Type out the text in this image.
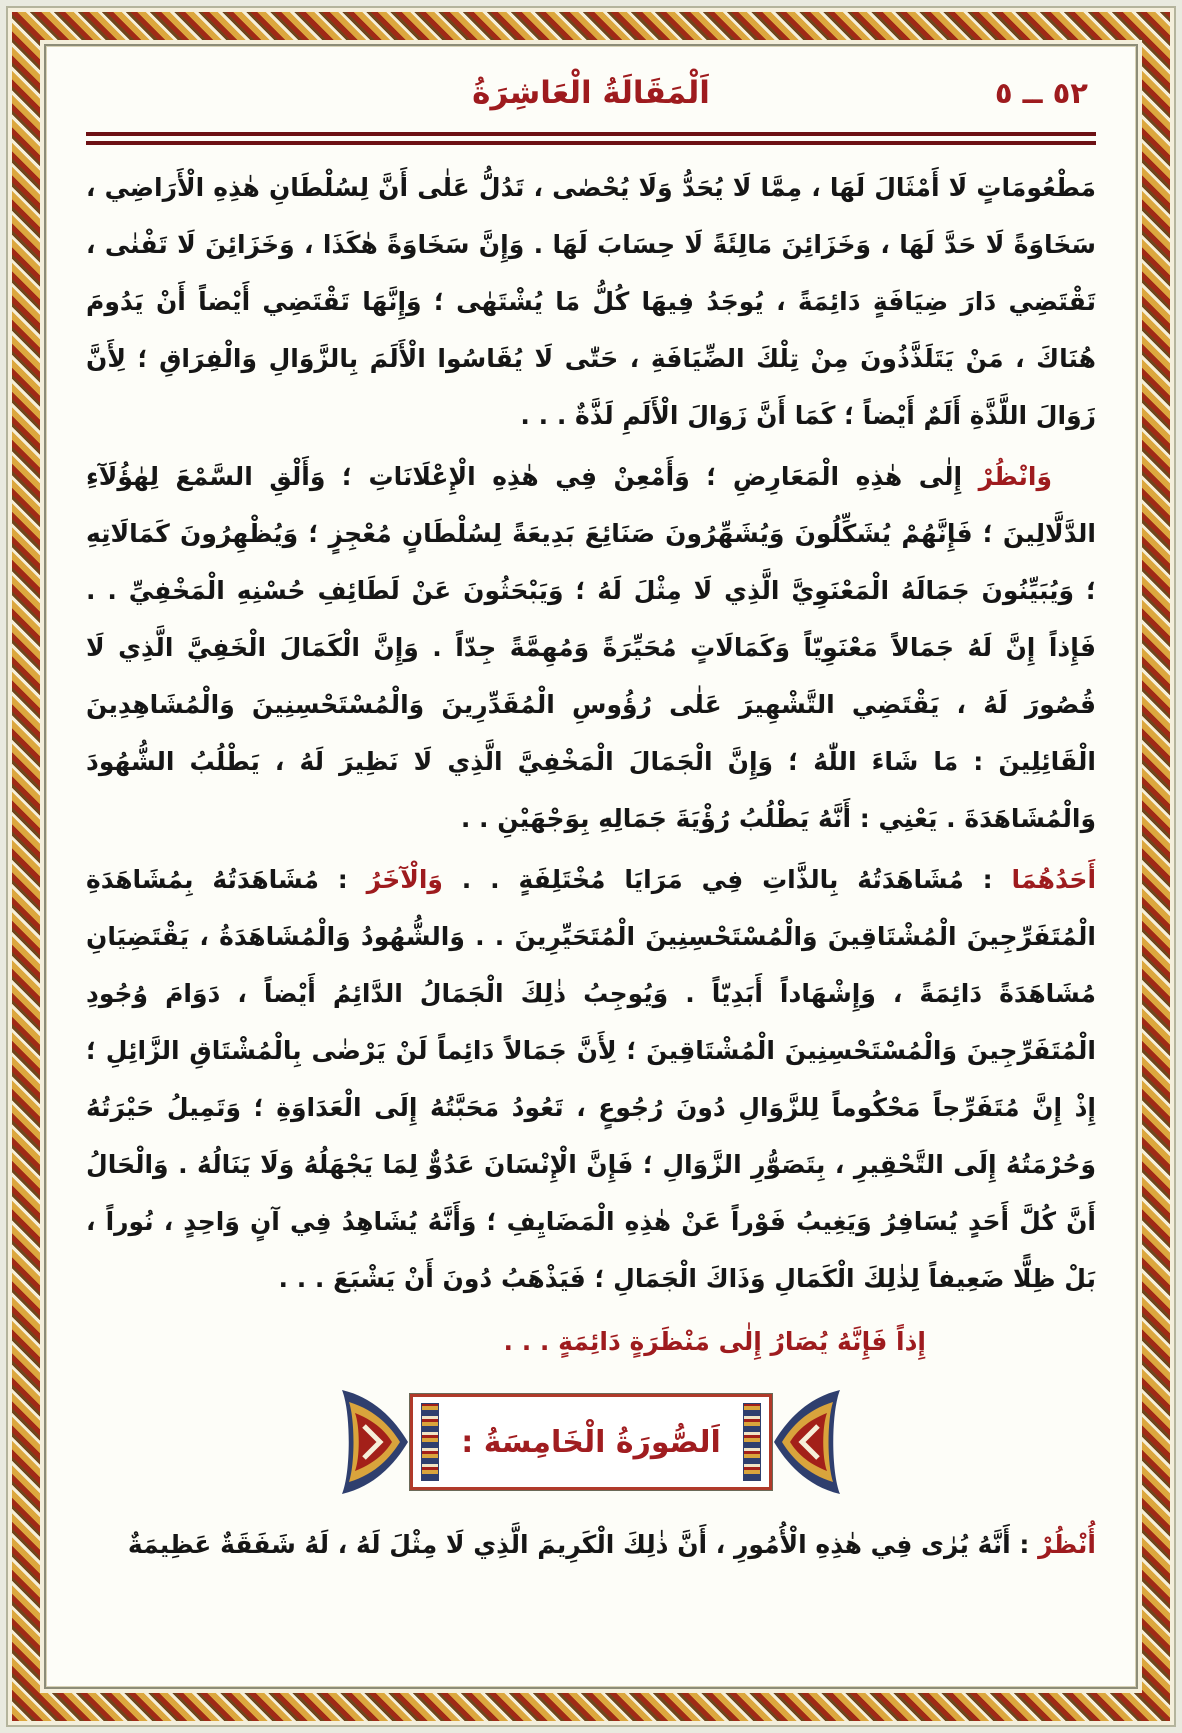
٥٢ ــ ٥
اَلْمَقَالَةُ الْعَاشِرَةُ

مَطْعُومَاتٍ لَا أَمْثَالَ لَهَا ، مِمَّا لَا يُحَدُّ وَلَا يُحْصٰى ، تَدُلُّ عَلٰى أَنَّ لِسُلْطَانِ هٰذِهِ الْأَرَاضِي ، سَخَاوَةً لَا حَدَّ لَهَا ، وَخَزَائِنَ مَالِئَةً لَا حِسَابَ لَهَا . وَإِنَّ سَخَاوَةً هٰكَذَا ، وَخَزَائِنَ لَا تَفْنٰى ، تَقْتَضِي دَارَ ضِيَافَةٍ دَائِمَةً ، يُوجَدُ فِيهَا كُلُّ مَا يُشْتَهٰى ؛ وَإِنَّهَا تَقْتَضِي أَيْضاً أَنْ يَدُومَ هُنَاكَ ، مَنْ يَتَلَذَّذُونَ مِنْ تِلْكَ الضِّيَافَةِ ، حَتّٰى لَا يُقَاسُوا الْأَلَمَ بِالزَّوَالِ وَالْفِرَاقِ ؛ لِأَنَّ زَوَالَ اللَّذَّةِ أَلَمٌ أَيْضاً ؛ كَمَا أَنَّ زَوَالَ الْأَلَمِ لَذَّةٌ . . .

وَانْظُرْ إِلٰى هٰذِهِ الْمَعَارِضِ ؛ وَأَمْعِنْ فِي هٰذِهِ الْإِعْلَانَاتِ ؛ وَأَلْقِ السَّمْعَ لِهٰؤُلَآءِ الدَّلَّالِينَ ؛ فَإِنَّهُمْ يُشَكِّلُونَ وَيُشَهِّرُونَ صَنَائِعَ بَدِيعَةً لِسُلْطَانٍ مُعْجِزٍ ؛ وَيُظْهِرُونَ كَمَالَاتِهِ ؛ وَيُبَيِّنُونَ جَمَالَهُ الْمَعْنَوِيَّ الَّذِي لَا مِثْلَ لَهُ ؛ وَيَبْحَثُونَ عَنْ لَطَائِفِ حُسْنِهِ الْمَخْفِيِّ . . فَإِذاً إِنَّ لَهُ جَمَالاً مَعْنَوِيّاً وَكَمَالَاتٍ مُحَيِّرَةً وَمُهِمَّةً جِدّاً . وَإِنَّ الْكَمَالَ الْخَفِيَّ الَّذِي لَا قُصُورَ لَهُ ، يَقْتَضِي التَّشْهِيرَ عَلٰى رُؤُوسِ الْمُقَدِّرِينَ وَالْمُسْتَحْسِنِينَ وَالْمُشَاهِدِينَ الْقَائِلِينَ : مَا شَاءَ اللّٰهُ ؛ وَإِنَّ الْجَمَالَ الْمَخْفِيَّ الَّذِي لَا نَظِيرَ لَهُ ، يَطْلُبُ الشُّهُودَ وَالْمُشَاهَدَةَ . يَعْنِي : أَنَّهُ يَطْلُبُ رُؤْيَةَ جَمَالِهِ بِوَجْهَيْنِ . .

أَحَدُهُمَا : مُشَاهَدَتُهُ بِالذَّاتِ فِي مَرَايَا مُخْتَلِفَةٍ . . وَالْآخَرُ : مُشَاهَدَتُهُ بِمُشَاهَدَةِ الْمُتَفَرِّجِينَ الْمُشْتَاقِينَ وَالْمُسْتَحْسِنِينَ الْمُتَحَيِّرِينَ . . وَالشُّهُودُ وَالْمُشَاهَدَةُ ، يَقْتَضِيَانِ مُشَاهَدَةً دَائِمَةً ، وَإِشْهَاداً أَبَدِيّاً . وَيُوجِبُ ذٰلِكَ الْجَمَالُ الدَّائِمُ أَيْضاً ، دَوَامَ وُجُودِ الْمُتَفَرِّجِينَ وَالْمُسْتَحْسِنِينَ الْمُشْتَاقِينَ ؛ لِأَنَّ جَمَالاً دَائِماً لَنْ يَرْضٰى بِالْمُشْتَاقِ الزَّائِلِ ؛ إِذْ إِنَّ مُتَفَرِّجاً مَحْكُوماً لِلزَّوَالِ دُونَ رُجُوعٍ ، تَعُودُ مَحَبَّتُهُ إِلَى الْعَدَاوَةِ ؛ وَتَمِيلُ حَيْرَتُهُ وَحُرْمَتُهُ إِلَى التَّحْقِيرِ ، بِتَصَوُّرِ الزَّوَالِ ؛ فَإِنَّ الْإِنْسَانَ عَدُوٌّ لِمَا يَجْهَلُهُ وَلَا يَنَالُهُ . وَالْحَالُ أَنَّ كُلَّ أَحَدٍ يُسَافِرُ وَيَغِيبُ فَوْراً عَنْ هٰذِهِ الْمَضَايِفِ ؛ وَأَنَّهُ يُشَاهِدُ فِي آنٍ وَاحِدٍ ، نُوراً ، بَلْ ظِلًّا ضَعِيفاً لِذٰلِكَ الْكَمَالِ وَذَاكَ الْجَمَالِ ؛ فَيَذْهَبُ دُونَ أَنْ يَشْبَعَ . . .

إِذاً فَإِنَّهُ يُصَارُ إِلٰى مَنْظَرَةٍ دَائِمَةٍ . . .

اَلصُّورَةُ الْخَامِسَةُ :

أُنْظُرْ : أَنَّهُ يُرٰى فِي هٰذِهِ الْأُمُورِ ، أَنَّ ذٰلِكَ الْكَرِيمَ الَّذِي لَا مِثْلَ لَهُ ، لَهُ شَفَقَةٌ عَظِيمَةٌ
